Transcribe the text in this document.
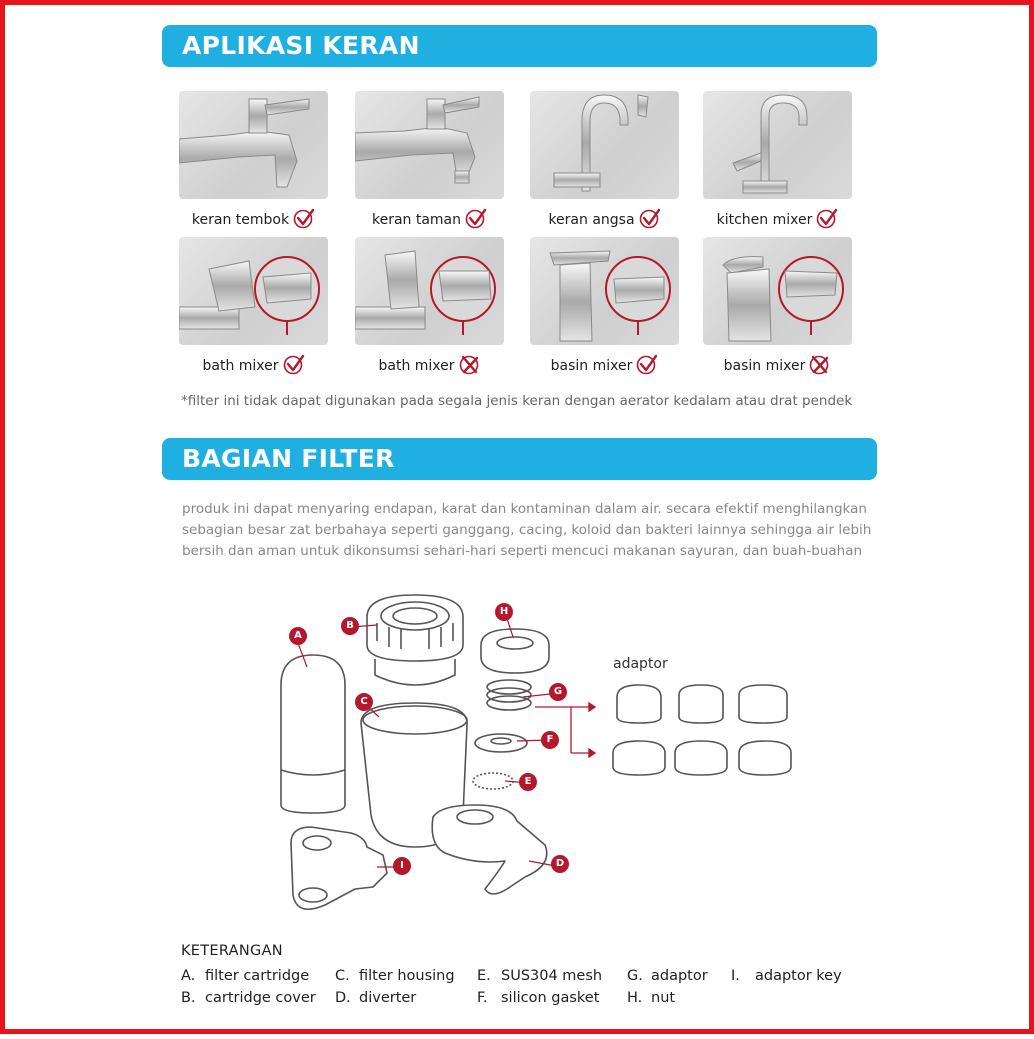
APLIKASI KERAN
keran tembok	keran taman	keran angsa	kitchen mixer
bath mixer	bath mixer	basin mixer	basin mixer
*filter ini tidak dapat digunakan pada segala jenis keran dengan aerator kedalam atau drat pendek
BAGIAN FILTER

produk ini dapat menyaring endapan, karat dan kontaminan dalam air. secara efektif menghilangkan

sebagian besar zat berbahaya seperti ganggang, cacing, koloid dan bakteri lainnya sehingga air lebih

bersih dan aman untuk dikonsumsi sehari-hari seperti mencuci makanan sayuran, dan buah-buahan

A
B
C
D
E
F
G
H
I
adaptor
KETERANGAN
A. filter cartridge
B. cartridge cover
C. filter housing
D. diverter
E. SUS304 mesh
F. silicon gasket
G. adaptor
H. nut
I. adaptor key
